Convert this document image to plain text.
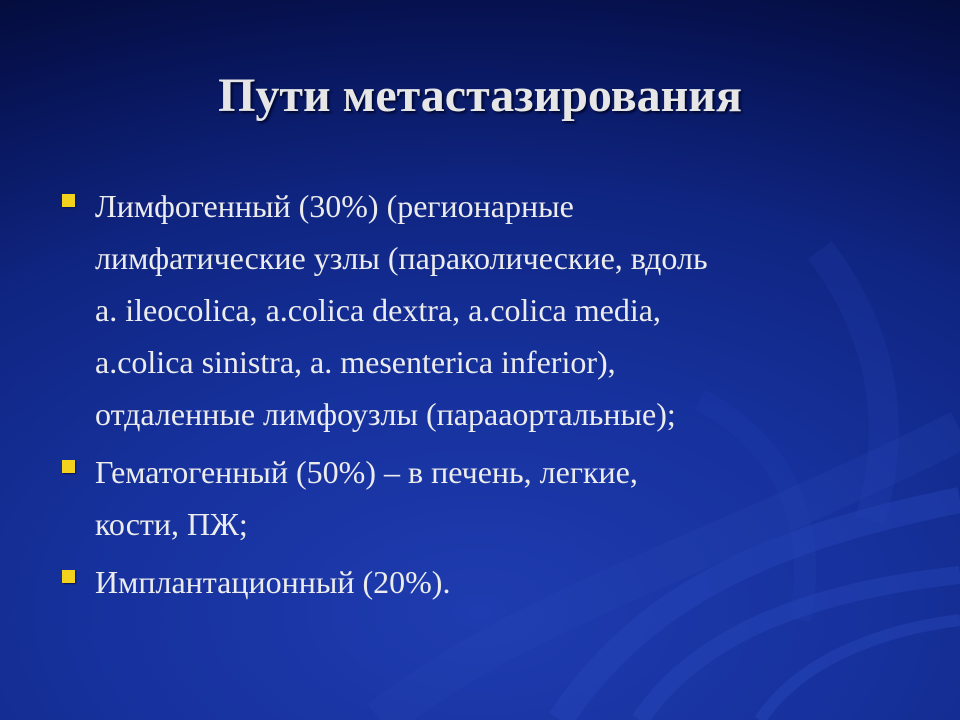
Пути метастазирования
Лимфогенный (30%) (регионарные
лимфатические узлы (параколические, вдоль
a. ileocolica, a.colica dextra, a.colica media,
a.colica sinistra, a. mesenterica inferior),
отдаленные лимфоузлы (парааортальные);
Гематогенный (50%) – в печень, легкие,
кости, ПЖ;
Имплантационный (20%).
